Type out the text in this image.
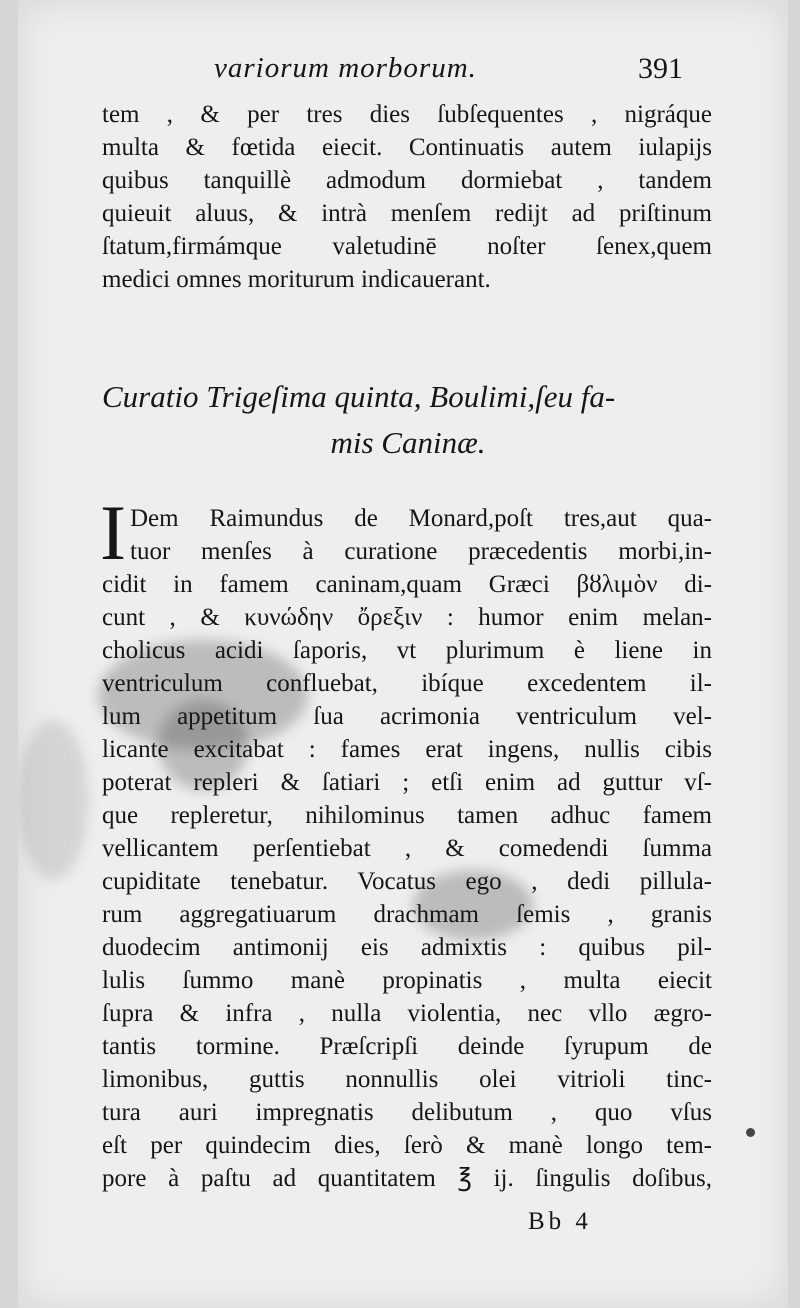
variorum morborum.	391
tem , & per tres dies ſubſequentes , nigráque
multa & fœtida eiecit. Continuatis autem iulapijs
quibus tanquillè admodum dormiebat , tandem
quieuit aluus, & intrà menſem redijt ad priſtinum
ſtatum,firmámque valetudinē noſter ſenex,quem
medici omnes moriturum indicauerant.
Curatio Trigeſima quinta, Boulimi,ſeu fa-
mis Caninæ.
I Dem Raimundus de Monard,poſt tres,aut qua-
tuor menſes à curatione præcedentis morbi,in-
cidit in famem caninam,quam Græci βȣλιμὸν di-
cunt , & κυνώδην ὄρεξιν : humor enim melan-
cholicus acidi ſaporis, vt plurimum è liene in
ventriculum confluebat, ibíque excedentem il-
lum appetitum ſua acrimonia ventriculum vel-
licante excitabat : fames erat ingens, nullis cibis
poterat repleri & ſatiari ; etſi enim ad guttur vſ-
que repleretur, nihilominus tamen adhuc famem
vellicantem perſentiebat , & comedendi ſumma
cupiditate tenebatur. Vocatus ego , dedi pillula-
rum aggregatiuarum drachmam ſemis , granis
duodecim antimonij eis admixtis : quibus pil-
lulis ſummo manè propinatis , multa eiecit
ſupra & infra , nulla violentia, nec vllo ægro-
tantis tormine. Præſcripſi deinde ſyrupum de
limonibus, guttis nonnullis olei vitrioli tinc-
tura auri impregnatis delibutum , quo vſus
eſt per quindecim dies, ſerò & manè longo tem-
pore à paſtu ad quantitatem ℥ ij. ſingulis doſibus,
Bb 4
